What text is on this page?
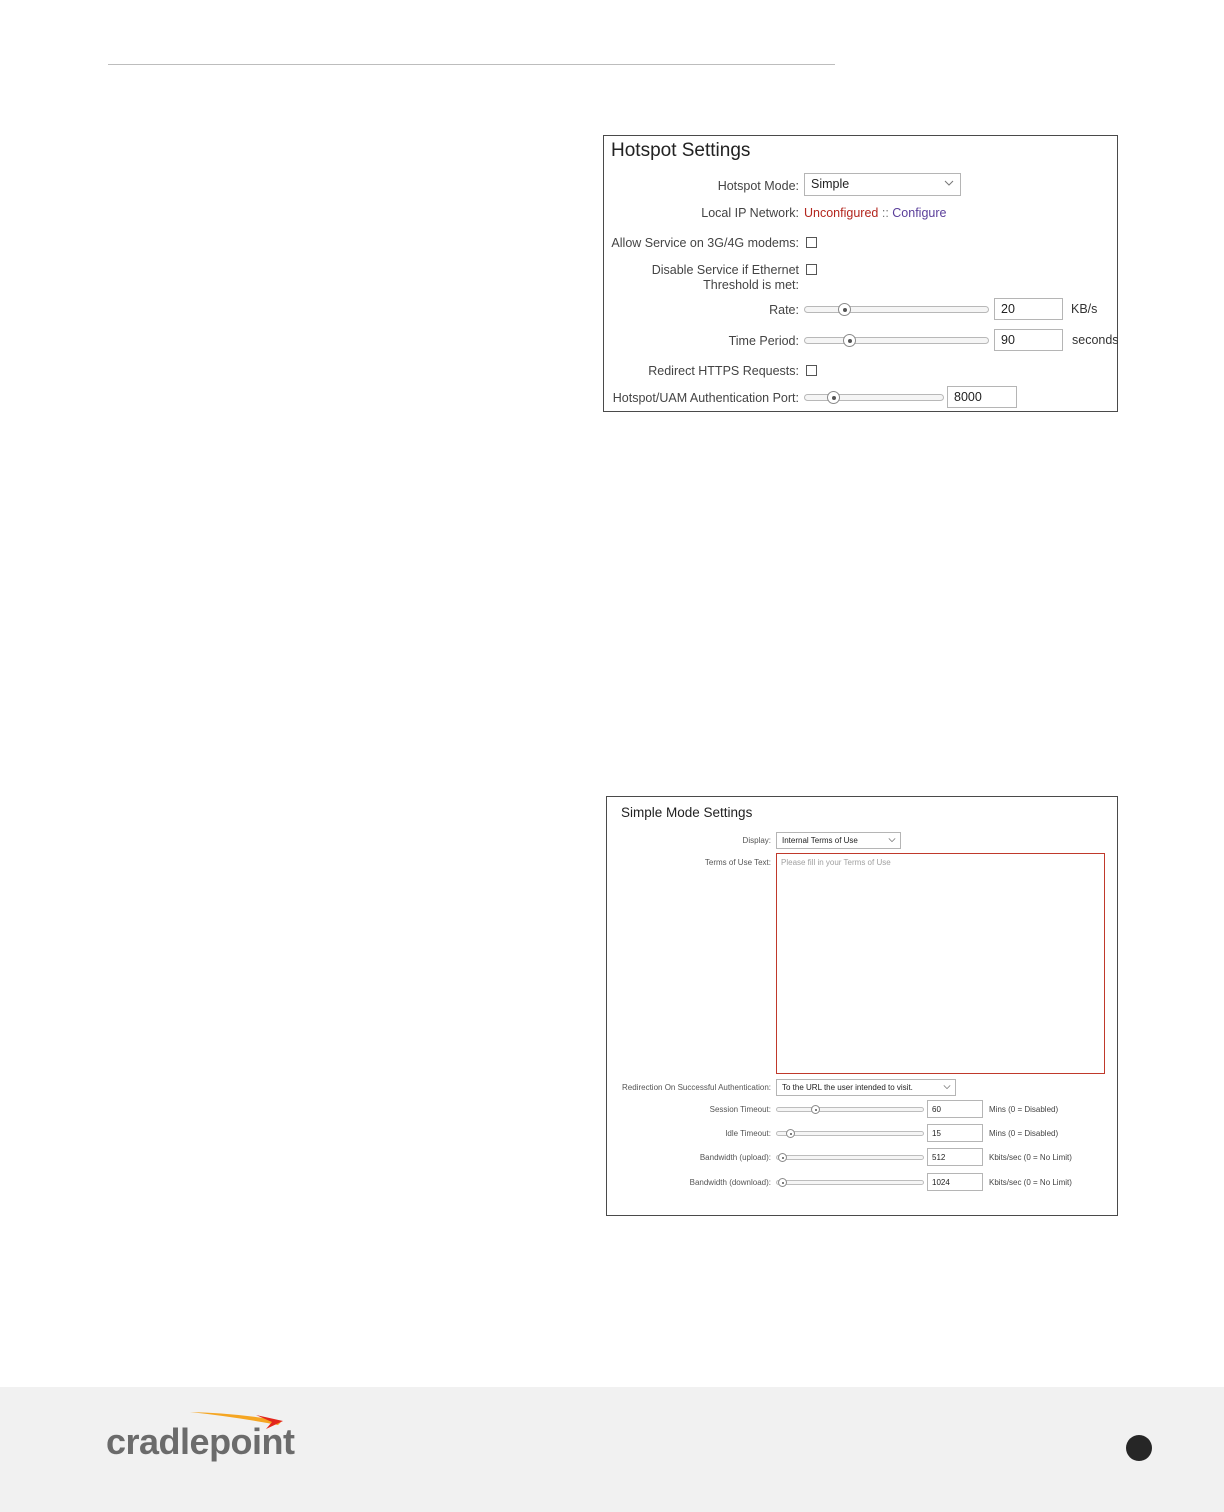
Hotspot Settings
Hotspot Mode: Simple
Local IP Network: Unconfigured :: Configure
Allow Service on 3G/4G modems:
Disable Service if Ethernet
Threshold is met:
Rate:	20	KB/s
Time Period:	90	seconds
Redirect HTTPS Requests:
Hotspot/UAM Authentication Port:	8000
Simple Mode Settings
Display:	Internal Terms of Use
Terms of Use Text: Please fill in your Terms of Use
Redirection On Successful Authentication:	To the URL the user intended to visit.
Session Timeout:	60	Mins (0 = Disabled)
Idle Timeout:	15	Mins (0 = Disabled)
Bandwidth (upload):	512	Kbits/sec (0 = No Limit)
Bandwidth (download):	1024	Kbits/sec (0 = No Limit)
cradlepoint
